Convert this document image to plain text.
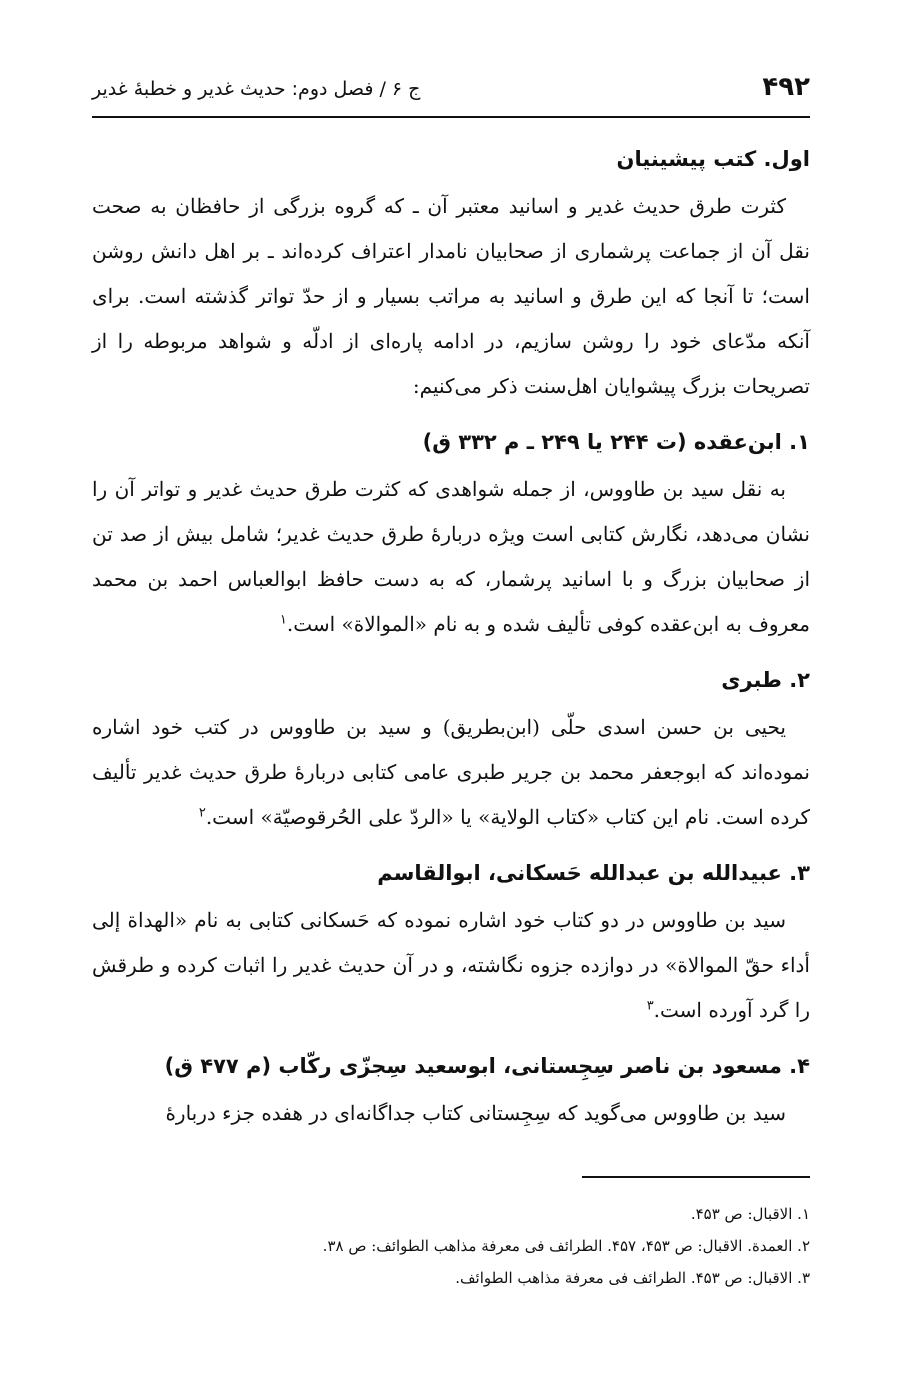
۴۹۲
ج ۶ / فصل دوم: حدیث غدیر و خطبهٔ غدیر
اول. کتب پیشینیان

کثرت طرق حدیث غدیر و اسانید معتبر آن ـ که گروه بزرگی از حافظان به صحت نقل آن از جماعت پرشماری از صحابیان نامدار اعتراف کرده‌اند ـ بر اهل دانش روشن است؛ تا آنجا که این طرق و اسانید به مراتب بسیار و از حدّ تواتر گذشته است. برای آنکه مدّعای خود را روشن سازیم، در ادامه پاره‌ای از ادلّه و شواهد مربوطه را از تصریحات بزرگ پیشوایان اهل‌سنت ذکر می‌کنیم:

۱. ابن‌عقده (ت ۲۴۴ یا ۲۴۹ ـ م ۳۳۲ ق)

به نقل سید بن طاووس، از جمله شواهدی که کثرت طرق حدیث غدیر و تواتر آن را نشان می‌دهد، نگارش کتابی است ویژه دربارهٔ طرق حدیث غدیر؛ شامل بیش از صد تن از صحابیان بزرگ و با اسانید پرشمار، که به دست حافظ ابوالعباس احمد بن محمد معروف به ابن‌عقده کوفی تألیف شده و به نام «الموالاة» است.$^۱$

۲. طبری

یحیی بن حسن اسدی حلّی (ابن‌بطریق) و سید بن طاووس در کتب خود اشاره نموده‌اند که ابوجعفر محمد بن جریر طبری عامی کتابی دربارهٔ طرق حدیث غدیر تألیف کرده است. نام این کتاب «کتاب الولایة» یا «الردّ علی الحُرقوصیّة» است.$^۲$

۳. عبیدالله بن عبدالله حَسکانی، ابوالقاسم

سید بن طاووس در دو کتاب خود اشاره نموده که حَسکانی کتابی به نام «الهداة إلی أداء حقّ الموالاة» در دوازده جزوه نگاشته، و در آن حدیث غدیر را اثبات کرده و طرقش را گرد آورده است.$^۳$

۴. مسعود بن ناصر سِجِستانی، ابوسعید سِجزّی رکّاب (م ۴۷۷ ق)

سید بن طاووس می‌گوید که سِجِستانی کتاب جداگانه‌ای در هفده جزء دربارهٔ

۱. الاقبال: ص ۴۵۳.

۲. العمدة. الاقبال: ص ۴۵۳، ۴۵۷. الطرائف فی معرفة مذاهب الطوائف: ص ۳۸.

۳. الاقبال: ص ۴۵۳. الطرائف فی معرفة مذاهب الطوائف.
